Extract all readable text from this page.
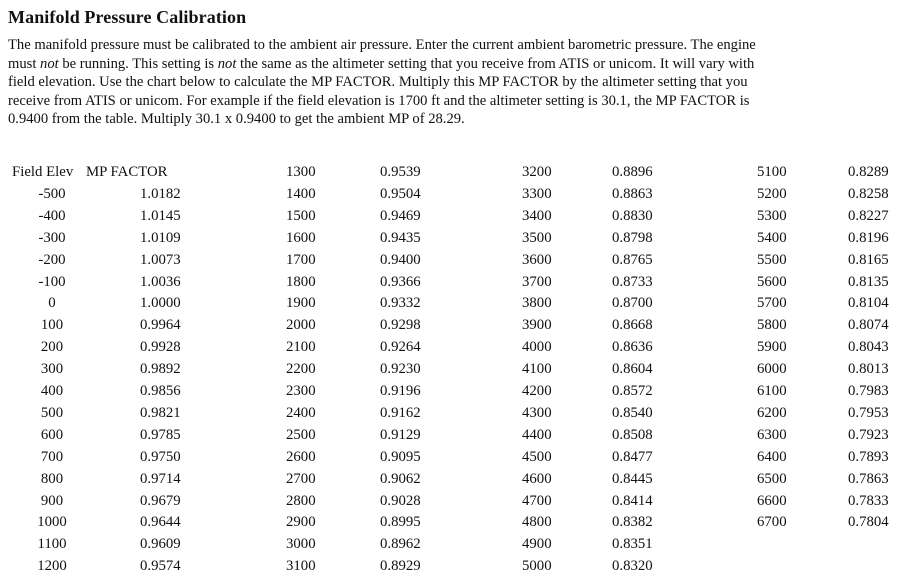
Manifold Pressure Calibration
The manifold pressure must be calibrated to the ambient air pressure. Enter the current ambient barometric pressure. The engine
must not be running. This setting is not the same as the altimeter setting that you receive from ATIS or unicom. It will vary with
field elevation. Use the chart below to calculate the MP FACTOR. Multiply this MP FACTOR by the altimeter setting that you
receive from ATIS or unicom. For example if the field elevation is 1700 ft and the altimeter setting is 30.1, the MP FACTOR is
0.9400 from the table. Multiply 30.1 x 0.9400 to get the ambient MP of 28.29.
Field Elev MP FACTOR
-500	1.0182
-400	1.0145
-300	1.0109
-200	1.0073
-100	1.0036
0	1.0000
100	0.9964
200	0.9928
300	0.9892
400	0.9856
500	0.9821
600	0.9785
700	0.9750
800	0.9714
900	0.9679
1000	0.9644
1100	0.9609
1200	0.9574
1300	0.9539
1400	0.9504
1500	0.9469
1600	0.9435
1700	0.9400
1800	0.9366
1900	0.9332
2000	0.9298
2100	0.9264
2200	0.9230
2300	0.9196
2400	0.9162
2500	0.9129
2600	0.9095
2700	0.9062
2800	0.9028
2900	0.8995
3000	0.8962
3100	0.8929
3200	0.8896
3300	0.8863
3400	0.8830
3500	0.8798
3600	0.8765
3700	0.8733
3800	0.8700
3900	0.8668
4000	0.8636
4100	0.8604
4200	0.8572
4300	0.8540
4400	0.8508
4500	0.8477
4600	0.8445
4700	0.8414
4800	0.8382
4900	0.8351
5000	0.8320
5100	0.8289
5200	0.8258
5300	0.8227
5400	0.8196
5500	0.8165
5600	0.8135
5700	0.8104
5800	0.8074
5900	0.8043
6000	0.8013
6100	0.7983
6200	0.7953
6300	0.7923
6400	0.7893
6500	0.7863
6600	0.7833
6700	0.7804
